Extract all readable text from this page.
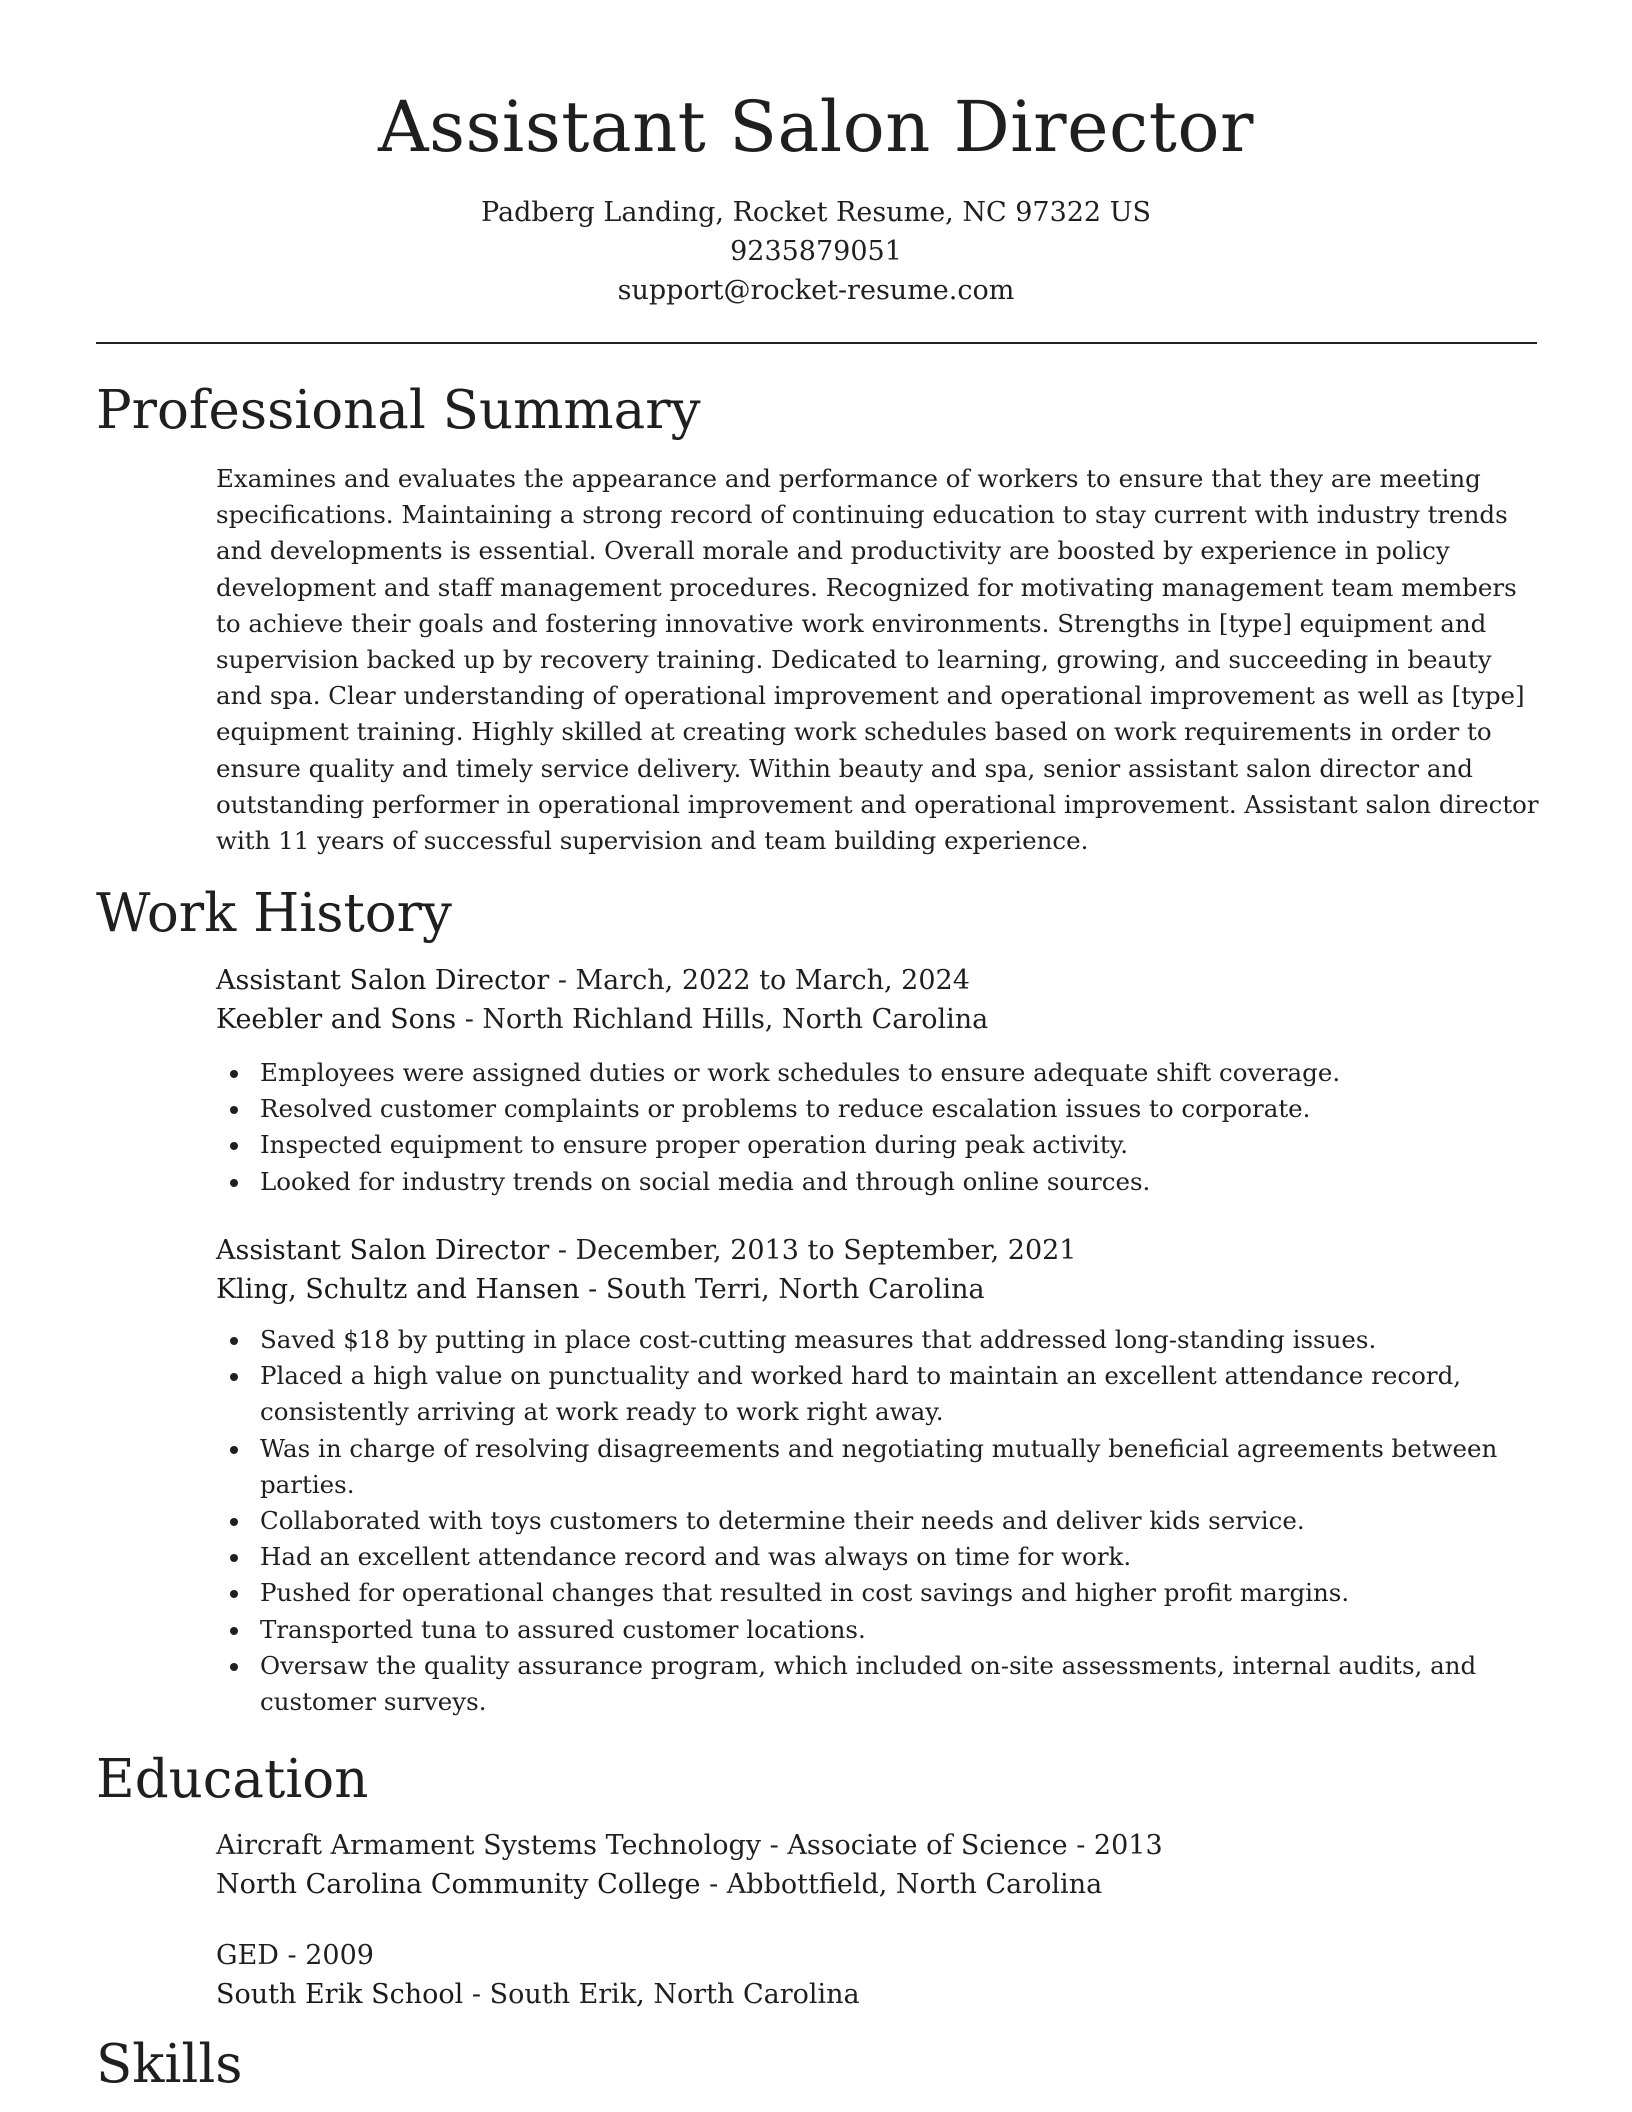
Assistant Salon Director
Padberg Landing, Rocket Resume, NC 97322 US
9235879051
support@rocket-resume.com
Professional Summary

Examines and evaluates the appearance and performance of workers to ensure that they are meeting specifications. Maintaining a strong record of continuing education to stay current with industry trends and developments is essential. Overall morale and productivity are boosted by experience in policy development and staff management procedures. Recognized for motivating management team members to achieve their goals and fostering innovative work environments. Strengths in [type] equipment and supervision backed up by recovery training. Dedicated to learning, growing, and succeeding in beauty and spa. Clear understanding of operational improvement and operational improvement as well as [type] equipment training. Highly skilled at creating work schedules based on work requirements in order to ensure quality and timely service delivery. Within beauty and spa, senior assistant salon director and outstanding performer in operational improvement and operational improvement. Assistant salon director with 11 years of successful supervision and team building experience.

Work History
Assistant Salon Director - March, 2022 to March, 2024
Keebler and Sons - North Richland Hills, North Carolina
Employees were assigned duties or work schedules to ensure adequate shift coverage.
Resolved customer complaints or problems to reduce escalation issues to corporate.
Inspected equipment to ensure proper operation during peak activity.
Looked for industry trends on social media and through online sources.
Assistant Salon Director - December, 2013 to September, 2021
Kling, Schultz and Hansen - South Terri, North Carolina
Saved $18 by putting in place cost-cutting measures that addressed long-standing issues.
Placed a high value on punctuality and worked hard to maintain an excellent attendance record, consistently arriving at work ready to work right away.
Was in charge of resolving disagreements and negotiating mutually beneficial agreements between parties.
Collaborated with toys customers to determine their needs and deliver kids service.
Had an excellent attendance record and was always on time for work.
Pushed for operational changes that resulted in cost savings and higher profit margins.
Transported tuna to assured customer locations.
Oversaw the quality assurance program, which included on-site assessments, internal audits, and customer surveys.
Education
Aircraft Armament Systems Technology - Associate of Science - 2013
North Carolina Community College - Abbottfield, North Carolina
GED - 2009
South Erik School - South Erik, North Carolina
Skills
